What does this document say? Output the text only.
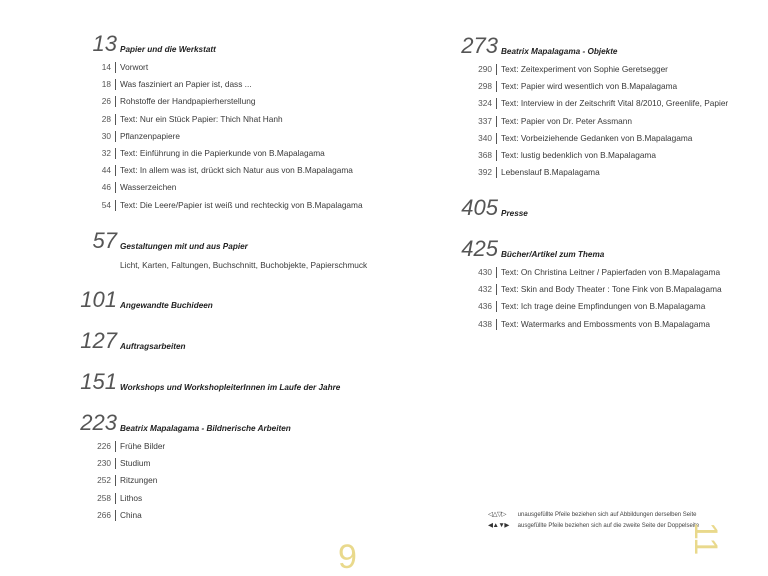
13 Papier und die Werkstatt
14 Vorwort
18 Was fasziniert an Papier ist, dass ...
26 Rohstoffe der Handpapierherstellung
28 Text: Nur ein Stück Papier: Thich Nhat Hanh
30 Pflanzenpapiere
32 Text: Einführung in die Papierkunde von B.Mapalagama
44 Text: In allem was ist, drückt sich Natur aus von B.Mapalagama
46 Wasserzeichen
54 Text: Die Leere/Papier ist weiß und rechteckig von B.Mapalagama
57 Gestaltungen mit und aus Papier
Licht, Karten, Faltungen, Buchschnitt, Buchobjekte, Papierschmuck
101 Angewandte Buchideen
127 Auftragsarbeiten
151 Workshops und WorkshopleiterInnen im Laufe der Jahre
223 Beatrix Mapalagama - Bildnerische Arbeiten
226 Frühe Bilder
230 Studium
252 Ritzungen
258 Lithos
266 China
273 Beatrix Mapalagama - Objekte
290 Text: Zeitexperiment von Sophie Geretsegger
298 Text: Papier wird wesentlich von B.Mapalagama
324 Text: Interview in der Zeitschrift Vital 8/2010, Greenlife, Papier
337 Text: Papier von Dr. Peter Assmann
340 Text: Vorbeiziehende Gedanken von B.Mapalagama
368 Text: lustig bedenklich von B.Mapalagama
392 Lebenslauf B.Mapalagama
405 Presse
425 Bücher/Artikel zum Thema
430 Text: On Christina Leitner / Papierfaden von B.Mapalagama
432 Text: Skin and Body Theater : Tone Fink von B.Mapalagama
436 Text: Ich trage deine Empfindungen von B.Mapalagama
438 Text: Watermarks and Embossments von B.Mapalagama
◁△▽▷ unausgefüllte Pfeile beziehen sich auf Abbildungen derselben Seite
◀▲▼▶ ausgefüllte Pfeile beziehen sich auf die zweite Seite der Doppelseite
9	11
